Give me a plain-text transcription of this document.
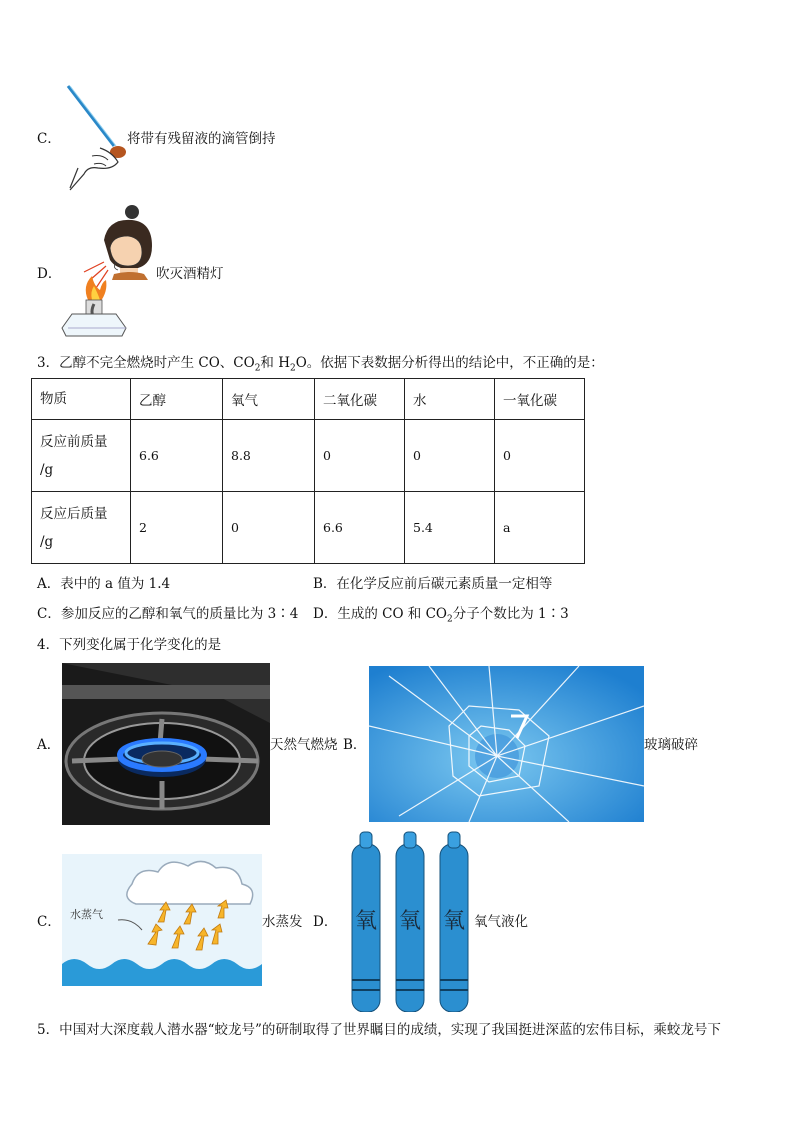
C．	将带有残留液的滴管倒持
D．	吹灭酒精灯
3．乙醇不完全燃烧时产生 CO、$CO_2$和 $H_2O$。依据下表数据分析得出的结论中，不正确的是：
物质	乙醇	氧气	二氧化碳	水	一氧化碳
反应前质量
/g	6.6	8.8	0	0	0
反应后质量
/g	2	0	6.6	5.4	a
A．表中的 a 值为 1.4	B．在化学反应前后碳元素质量一定相等
C．参加反应的乙醇和氧气的质量比为 3∶4 D．生成的 CO 和 $CO_2$分子个数比为 1∶3
4．下列变化属于化学变化的是
A．	天然气燃烧 B．	玻璃破碎
C． 水蒸气	水蒸发 D． 氧 氧 氧 氧气液化
5．中国对大深度载人潜水器“蛟龙号”的研制取得了世界瞩目的成绩，实现了我国挺进深蓝的宏伟目标，乘蛟龙号下
